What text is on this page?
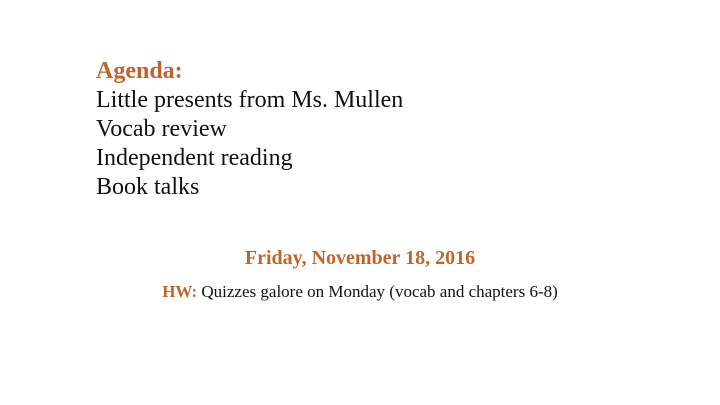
Agenda:

Little presents from Ms. Mullen
Vocab review
Independent reading
Book talks
Friday, November 18, 2016
HW: Quizzes galore on Monday (vocab and chapters 6-8)
